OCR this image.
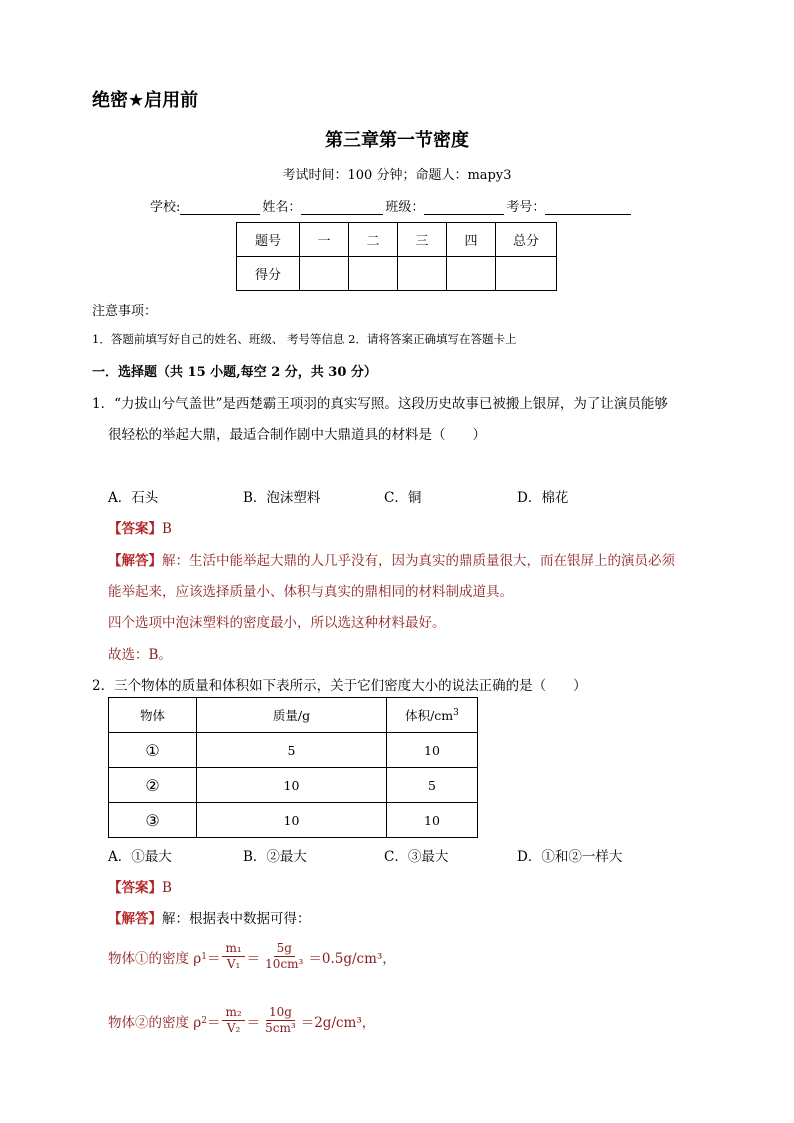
绝密★启用前
第三章第一节密度
考试时间：100 分钟；命题人：mapy3
学校:	姓名：	班级：	考号：
题号	一	二	三	四	总分
得分					
注意事项：
1．答题前填写好自己的姓名、班级、 考号等信息 2．请将答案正确填写在答题卡上
一．选择题（共 15 小题,每空 2 分，共 30 分）
1．“力拔山兮气盖世”是西楚霸王项羽的真实写照。这段历史故事已被搬上银屏，为了让演员能够
很轻松的举起大鼎，最适合制作剧中大鼎道具的材料是（　　）
A．石头	B．泡沫塑料	C．铜	D．棉花
【答案】B
【解答】解：生活中能举起大鼎的人几乎没有，因为真实的鼎质量很大，而在银屏上的演员必须
能举起来，应该选择质量小、体积与真实的鼎相同的材料制成道具。
四个选项中泡沫塑料的密度最小，所以选这种材料最好。
故选：B。
2．三个物体的质量和体积如下表所示，关于它们密度大小的说法正确的是（　　）
物体	质量/g	体积$/cm^3$
①	5	10
②	10	5
③	10	10
A．①最大	B．②最大	C．③最大	D．①和②一样大
【答案】B
【解答】解：根据表中数据可得：
物体①的密度 ρ $1 = \frac{\text{m₁}}{\text{V₁}} = \frac{5g}{\text{10cm³}} =0.5g/cm^3$，
物体②的密度 ρ $2 = \frac{\text{m₂}}{\text{V₂}} = \frac{10g}{\text{5cm³}} =2g/cm^3$，
